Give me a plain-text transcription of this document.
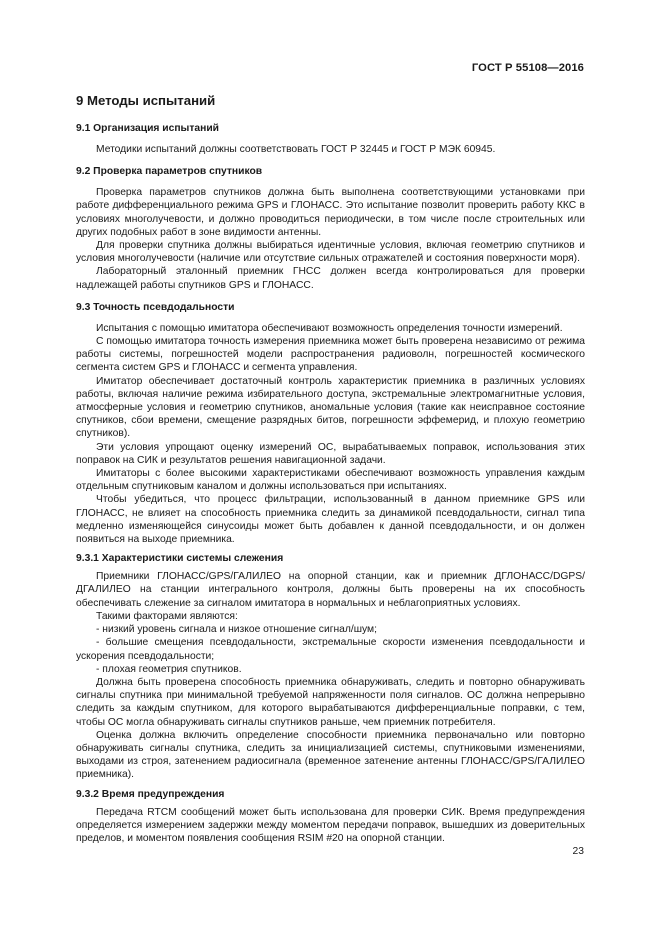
ГОСТ Р 55108—2016
9 Методы испытаний
9.1 Организация испытаний

Методики испытаний должны соответствовать ГОСТ Р 32445 и ГОСТ Р МЭК 60945.

9.2 Проверка параметров спутников

Проверка параметров спутников должна быть выполнена соответствующими установками при работе дифференциального режима GPS и ГЛОНАСС. Это испытание позволит проверить работу ККС в условиях многолучевости, и должно проводиться периодически, в том числе после строительных или других подобных работ в зоне видимости антенны.

Для проверки спутника должны выбираться идентичные условия, включая геометрию спутников и условия многолучевости (наличие или отсутствие сильных отражателей и состояния поверхности моря).

Лабораторный эталонный приемник ГНСС должен всегда контролироваться для проверки надлежащей работы спутников GPS и ГЛОНАСС.

9.3 Точность псевдодальности

Испытания с помощью имитатора обеспечивают возможность определения точности измерений.

С помощью имитатора точность измерения приемника может быть проверена независимо от режима работы системы, погрешностей модели распространения радиоволн, погрешностей космического сегмента систем GPS и ГЛОНАСС и сегмента управления.

Имитатор обеспечивает достаточный контроль характеристик приемника в различных условиях работы, включая наличие режима избирательного доступа, экстремальные электромагнитные условия, атмосферные условия и геометрию спутников, аномальные условия (такие как неисправное состояние спутников, сбои времени, смещение разрядных битов, погрешности эффемерид, и плохую геометрию спутников).

Эти условия упрощают оценку измерений ОС, вырабатываемых поправок, использования этих поправок на СИК и результатов решения навигационной задачи.

Имитаторы с более высокими характеристиками обеспечивают возможность управления каждым отдельным спутниковым каналом и должны использоваться при испытаниях.

Чтобы убедиться, что процесс фильтрации, использованный в данном приемнике GPS или ГЛОНАСС, не влияет на способность приемника следить за динамикой псевдодальности, сигнал типа медленно изменяющейся синусоиды может быть добавлен к данной псевдодальности, и он должен появиться на выходе приемника.

9.3.1 Характеристики системы слежения

Приемники ГЛОНАСС/GPS/ГАЛИЛЕО на опорной станции, как и приемник ДГЛОНАСС/DGPS/ДГАЛИЛЕО на станции интегрального контроля, должны быть проверены на их способность обеспечивать слежение за сигналом имитатора в нормальных и неблагоприятных условиях.

Такими факторами являются:

- низкий уровень сигнала и низкое отношение сигнал/шум;

- большие смещения псевдодальности, экстремальные скорости изменения псевдодальности и ускорения псевдодальности;

- плохая геометрия спутников.

Должна быть проверена способность приемника обнаруживать, следить и повторно обнаруживать сигналы спутника при минимальной требуемой напряженности поля сигналов. ОС должна непрерывно следить за каждым спутником, для которого вырабатываются дифференциальные поправки, с тем, чтобы ОС могла обнаруживать сигналы спутников раньше, чем приемник потребителя.

Оценка должна включить определение способности приемника первоначально или повторно обнаруживать сигналы спутника, следить за инициализацией системы, спутниковыми изменениями, выходами из строя, затенением радиосигнала (временное затенение антенны ГЛОНАСС/GPS/ГАЛИЛЕО приемника).

9.3.2 Время предупреждения

Передача RTCM сообщений может быть использована для проверки СИК. Время предупреждения определяется измерением задержки между моментом передачи поправок, вышедших из доверительных пределов, и моментом появления сообщения RSIM #20 на опорной станции.

23
